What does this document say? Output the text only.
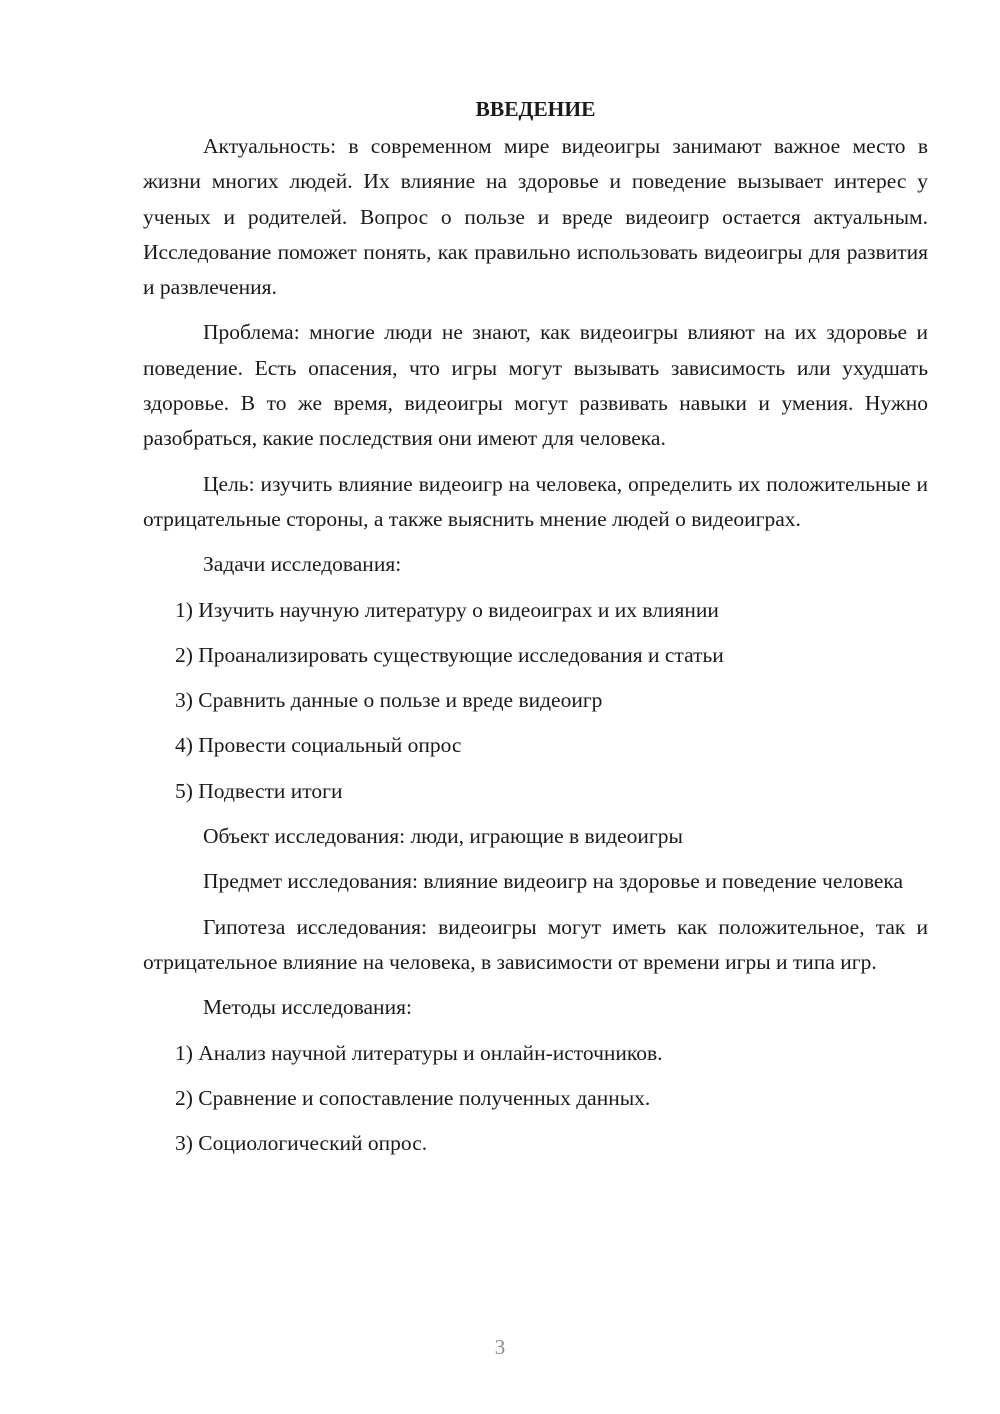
ВВЕДЕНИЕ

Актуальность: в современном мире видеоигры занимают важное место в жизни многих людей. Их влияние на здоровье и поведение вызывает интерес у ученых и родителей. Вопрос о пользе и вреде видеоигр остается актуальным. Исследование поможет понять, как правильно использовать видеоигры для развития и развлечения.

Проблема: многие люди не знают, как видеоигры влияют на их здоровье и поведение. Есть опасения, что игры могут вызывать зависимость или ухудшать здоровье. В то же время, видеоигры могут развивать навыки и умения. Нужно разобраться, какие последствия они имеют для человека.

Цель: изучить влияние видеоигр на человека, определить их положительные и отрицательные стороны, а также выяснить мнение людей о видеоиграх.

Задачи исследования:
1) Изучить научную литературу о видеоиграх и их влиянии
2) Проанализировать существующие исследования и статьи
3) Сравнить данные о пользе и вреде видеоигр
4) Провести социальный опрос
5) Подвести итоги
Объект исследования: люди, играющие в видеоигры

Предмет исследования: влияние видеоигр на здоровье и поведение человека

Гипотеза исследования: видеоигры могут иметь как положительное, так и отрицательное влияние на человека, в зависимости от времени игры и типа игр.

Методы исследования:
1) Анализ научной литературы и онлайн-источников.
2) Сравнение и сопоставление полученных данных.
3) Социологический опрос.
3
